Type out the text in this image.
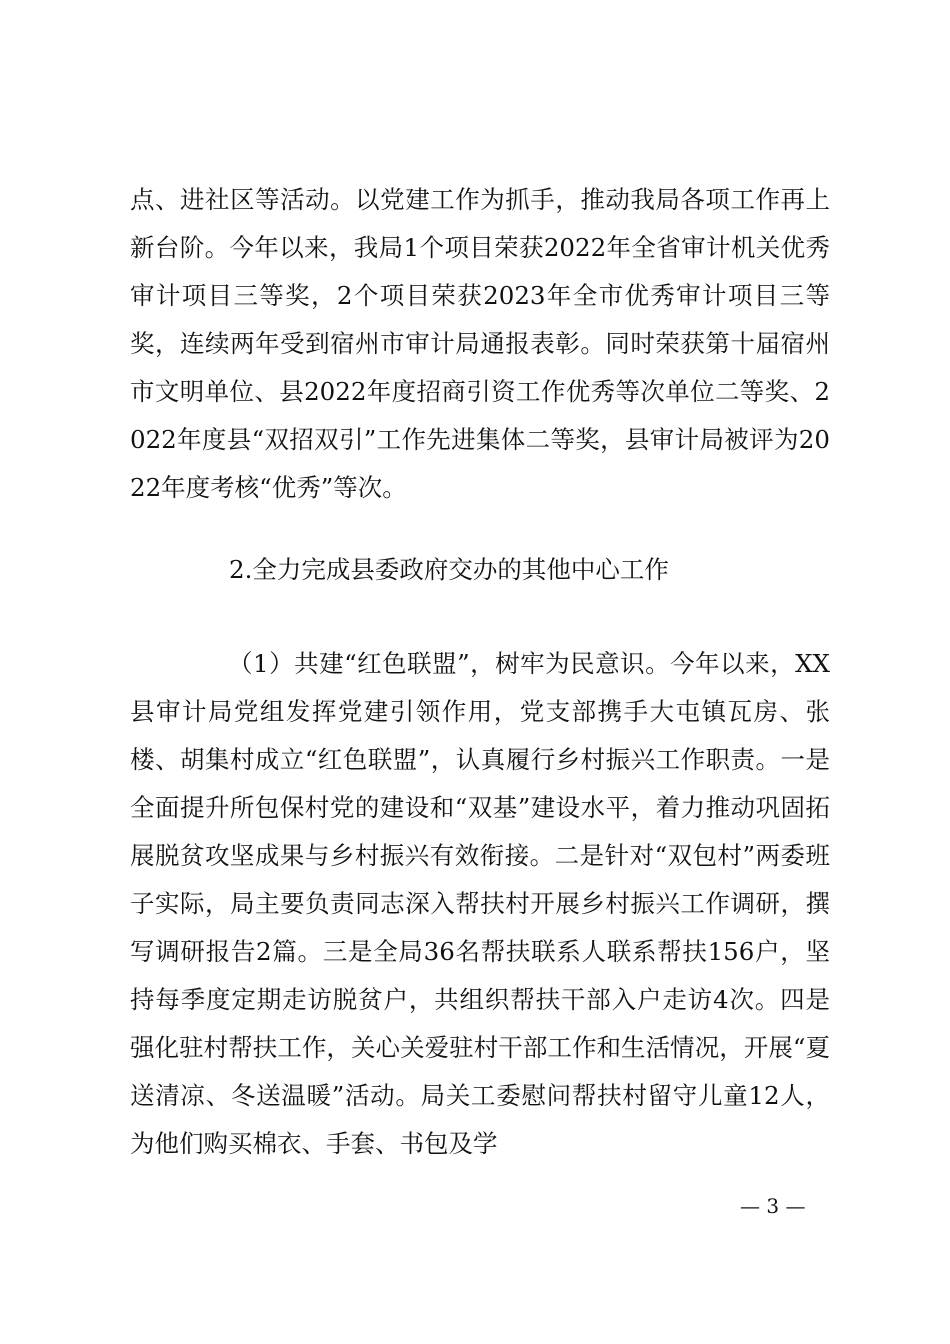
点、进社区等活动。以党建工作为抓手，推动我局各项工作再上新台阶。今年以来，我局1个项目荣获2022年全省审计机关优秀审计项目三等奖，2个项目荣获2023年全市优秀审计项目三等奖，连续两年受到宿州市审计局通报表彰。同时荣获第十届宿州市文明单位、县2022年度招商引资工作优秀等次单位二等奖、2022年度县“双招双引”工作先进集体二等奖，县审计局被评为2022年度考核“优秀”等次。

2.全力完成县委政府交办的其他中心工作

（1）共建“红色联盟”，树牢为民意识。今年以来，XX县审计局党组发挥党建引领作用，党支部携手大屯镇瓦房、张楼、胡集村成立“红色联盟”，认真履行乡村振兴工作职责。一是全面提升所包保村党的建设和“双基”建设水平，着力推动巩固拓展脱贫攻坚成果与乡村振兴有效衔接。二是针对“双包村”两委班子实际，局主要负责同志深入帮扶村开展乡村振兴工作调研，撰写调研报告2篇。三是全局36名帮扶联系人联系帮扶156户，坚持每季度定期走访脱贫户，共组织帮扶干部入户走访4次。四是强化驻村帮扶工作，关心关爱驻村干部工作和生活情况，开展“夏送清凉、冬送温暖”活动。局关工委慰问帮扶村留守儿童12人，为他们购买棉衣、手套、书包及学

— 3 —
